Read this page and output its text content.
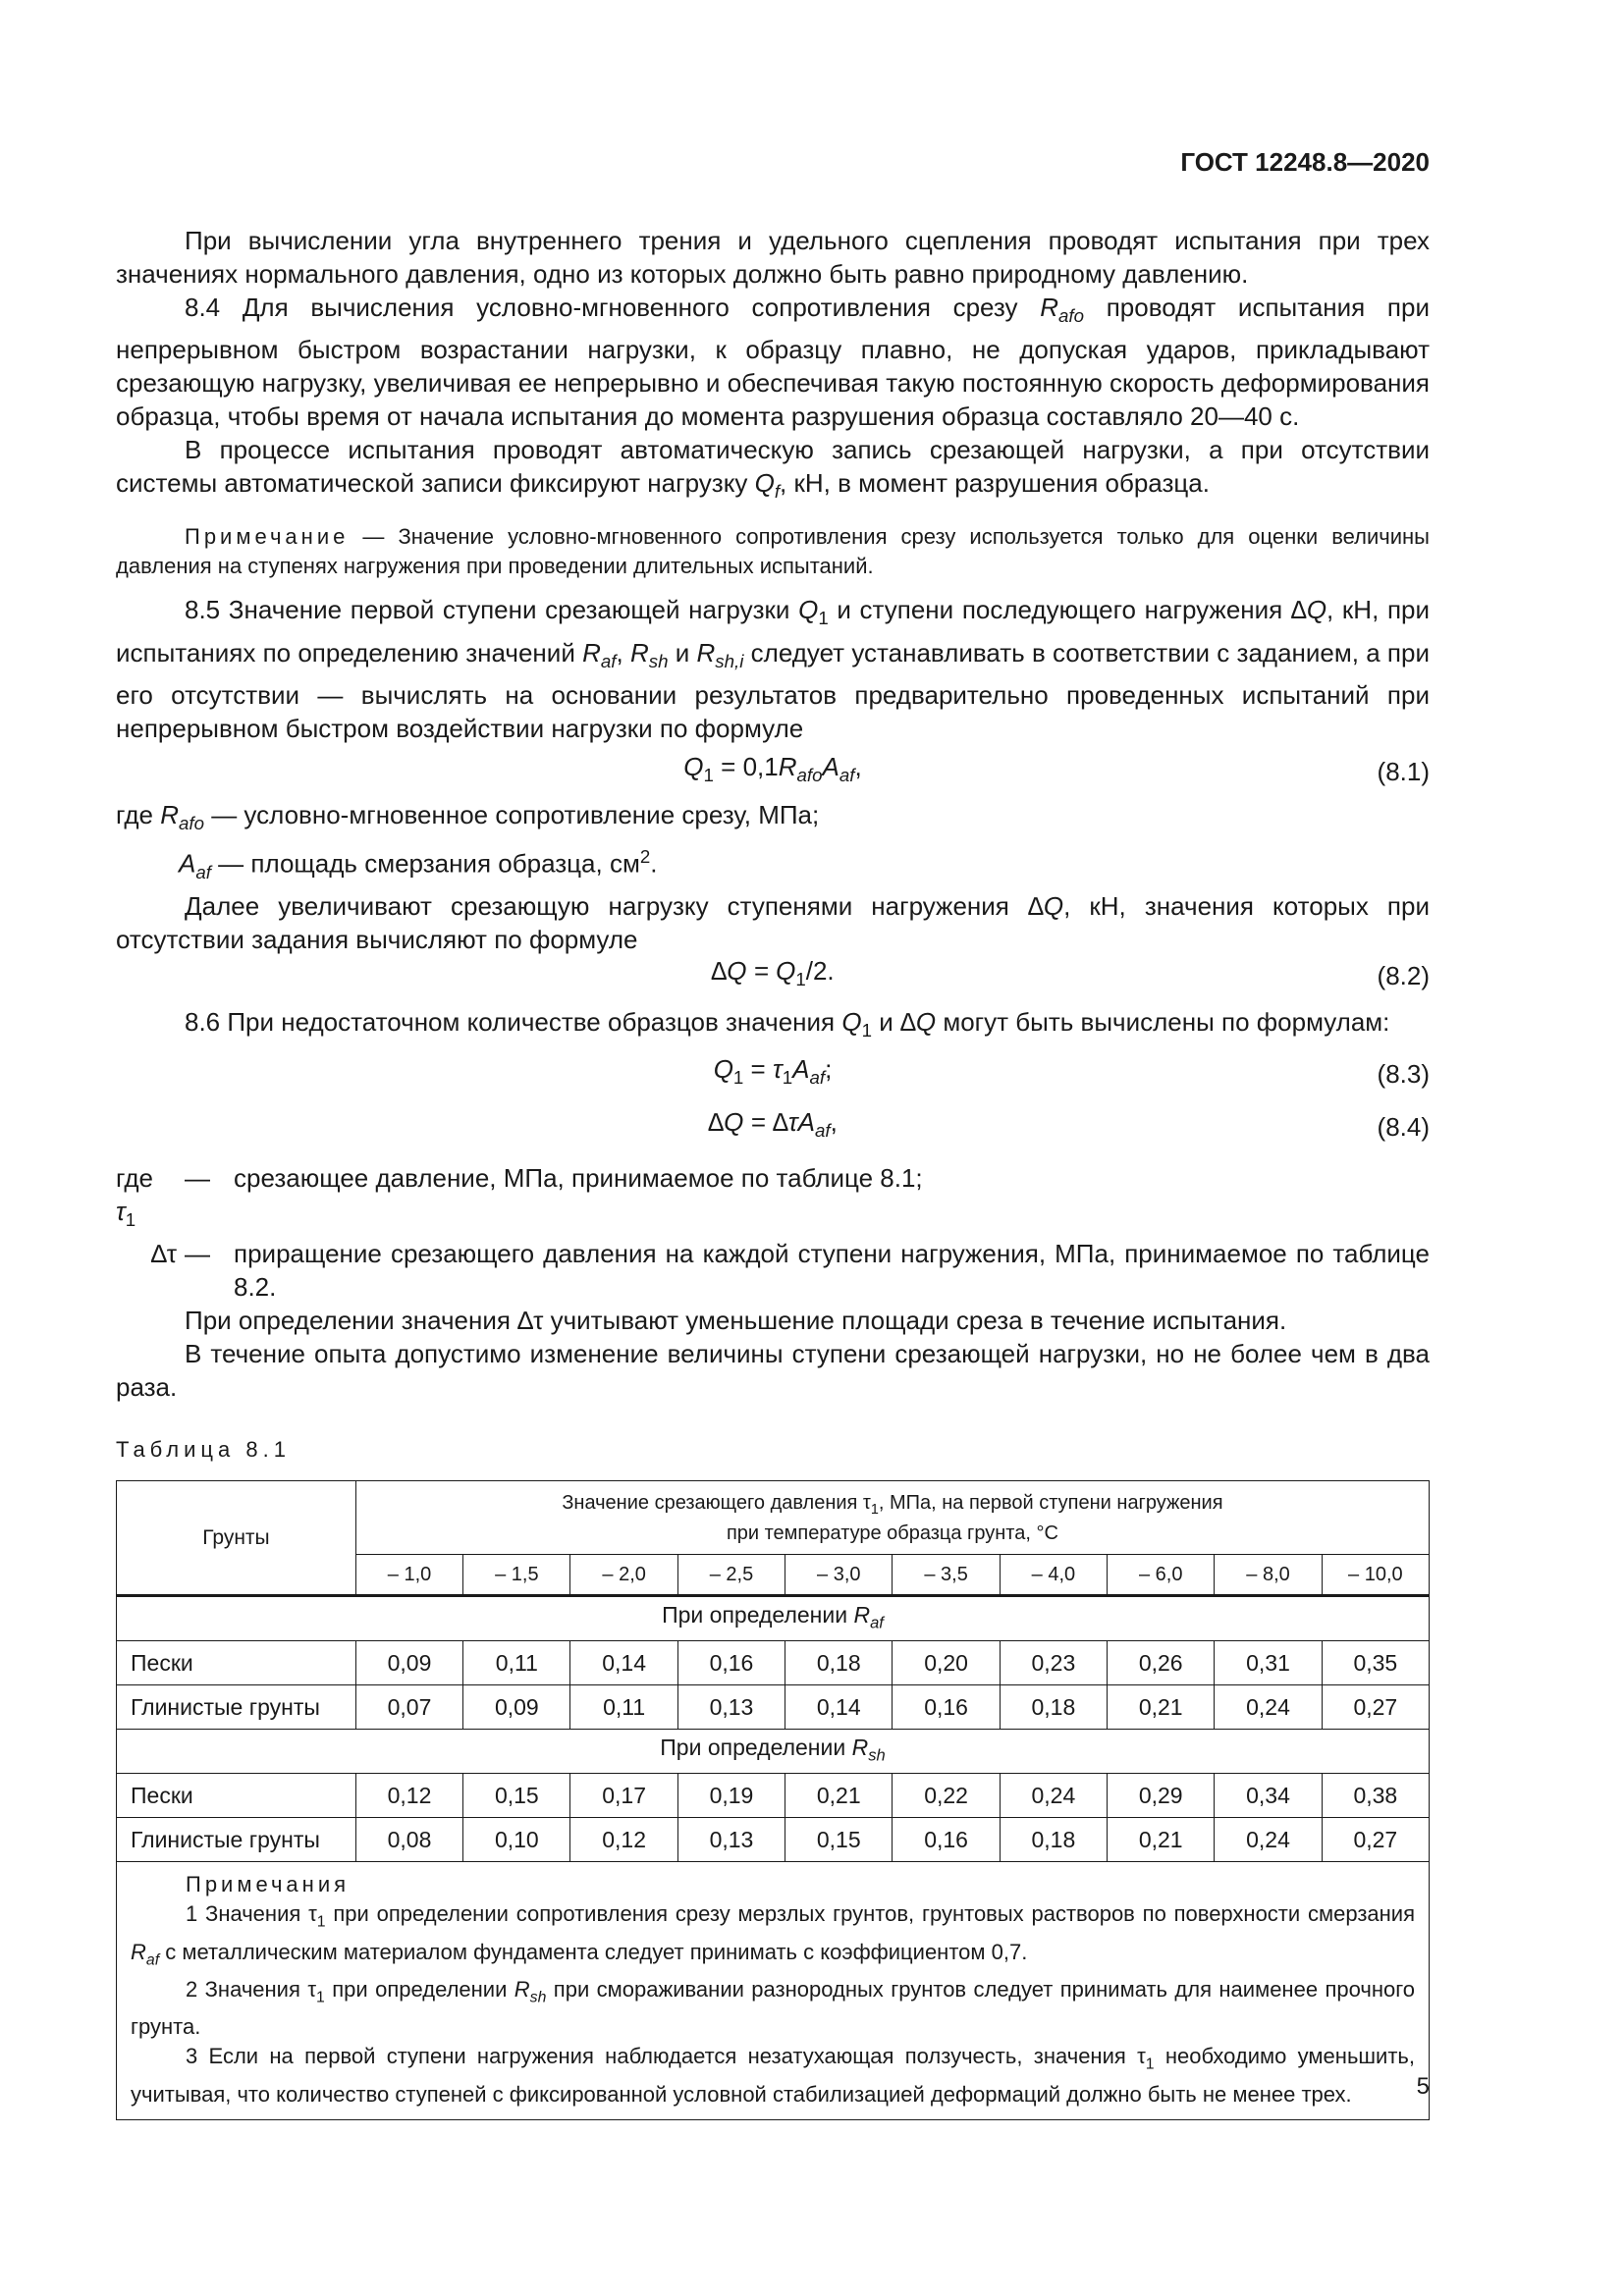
ГОСТ 12248.8—2020

При вычислении угла внутреннего трения и удельного сцепления проводят испытания при трех значениях нормального давления, одно из которых должно быть равно природному давлению.

8.4 Для вычисления условно-мгновенного сопротивления срезу $R_{afo}$ проводят испытания при непрерывном быстром возрастании нагрузки, к образцу плавно, не допуская ударов, прикладывают срезающую нагрузку, увеличивая ее непрерывно и обеспечивая такую постоянную скорость деформирования образца, чтобы время от начала испытания до момента разрушения образца составляло 20—40 с.

В процессе испытания проводят автоматическую запись срезающей нагрузки, а при отсутствии системы автоматической записи фиксируют нагрузку $Q_f$, кН, в момент разрушения образца.

Примечание — Значение условно-мгновенного сопротивления срезу используется только для оценки величины давления на ступенях нагружения при проведении длительных испытаний.

8.5 Значение первой ступени срезающей нагрузки $Q_1$ и ступени последующего нагружения ∆Q, кН, при испытаниях по определению значений $R_{af}$, $R_{sh}$ и $R_{sh,i}$ следует устанавливать в соответствии с заданием, а при его отсутствии — вычислять на основании результатов предварительно проведенных испытаний при непрерывном быстром воздействии нагрузки по формуле

$Q_1 = 0,1R_{afo}A_{af}$,	(8.1)
где $R_{afo}$ — условно-мгновенное сопротивление срезу, МПа;
$A_{af}$ — площадь смерзания образца, $см^2$.

Далее увеличивают срезающую нагрузку ступенями нагружения ∆Q, кН, значения которых при отсутствии задания вычисляют по формуле

$\Delta Q = Q_1/2$.	(8.2)

8.6 При недостаточном количестве образцов значения $Q_1$ и ∆Q могут быть вычислены по формулам:

$Q_1 = \tau_1A_{af}$;	(8.3)
$\Delta Q = \Delta\tau A_{af}$,	(8.4)
где $\tau_1$
— срезающее давление, МПа, принимаемое по таблице 8.1;
∆τ — приращение срезающего давления на каждой ступени нагружения, МПа, принимаемое по таблице 8.2.

При определении значения ∆τ учитывают уменьшение площади среза в течение испытания.

В течение опыта допустимо изменение величины ступени срезающей нагрузки, но не более чем в два раза.

Таблица 8.1
Грунты	Значение срезающего давления $\tau_1$, МПа, на первой ступени нагружения
при температуре образца грунта, °С									

	– 1,0	– 1,5	– 2,0	– 2,5	– 3,0	– 3,5	– 4,0	– 6,0	– 8,0	– 10,0
При определении $R_{af}$
Пески	0,09	0,11	0,14	0,16	0,18	0,20	0,23	0,26	0,31	0,35
Глинистые грунты	0,07	0,09	0,11	0,13	0,14	0,16	0,18	0,21	0,24	0,27
При определении $R_{sh}$
Пески	0,12	0,15	0,17	0,19	0,21	0,22	0,24	0,29	0,34	0,38
Глинистые грунты	0,08	0,10	0,12	0,13	0,15	0,16	0,18	0,21	0,24	0,27

Примечания

1 Значения $\tau_1$ при определении сопротивления срезу мерзлых грунтов, грунтовых растворов по поверхности смерзания $R_{af}$ с металлическим материалом фундамента следует принимать с коэффициентом 0,7.

2 Значения $\tau_1$ при определении $R_{sh}$ при смораживании разнородных грунтов следует принимать для наименее прочного грунта.

3 Если на первой ступени нагружения наблюдается незатухающая ползучесть, значения $\tau_1$ необходимо уменьшить, учитывая, что количество ступеней с фиксированной условной стабилизацией деформаций должно быть не менее трех.											5
